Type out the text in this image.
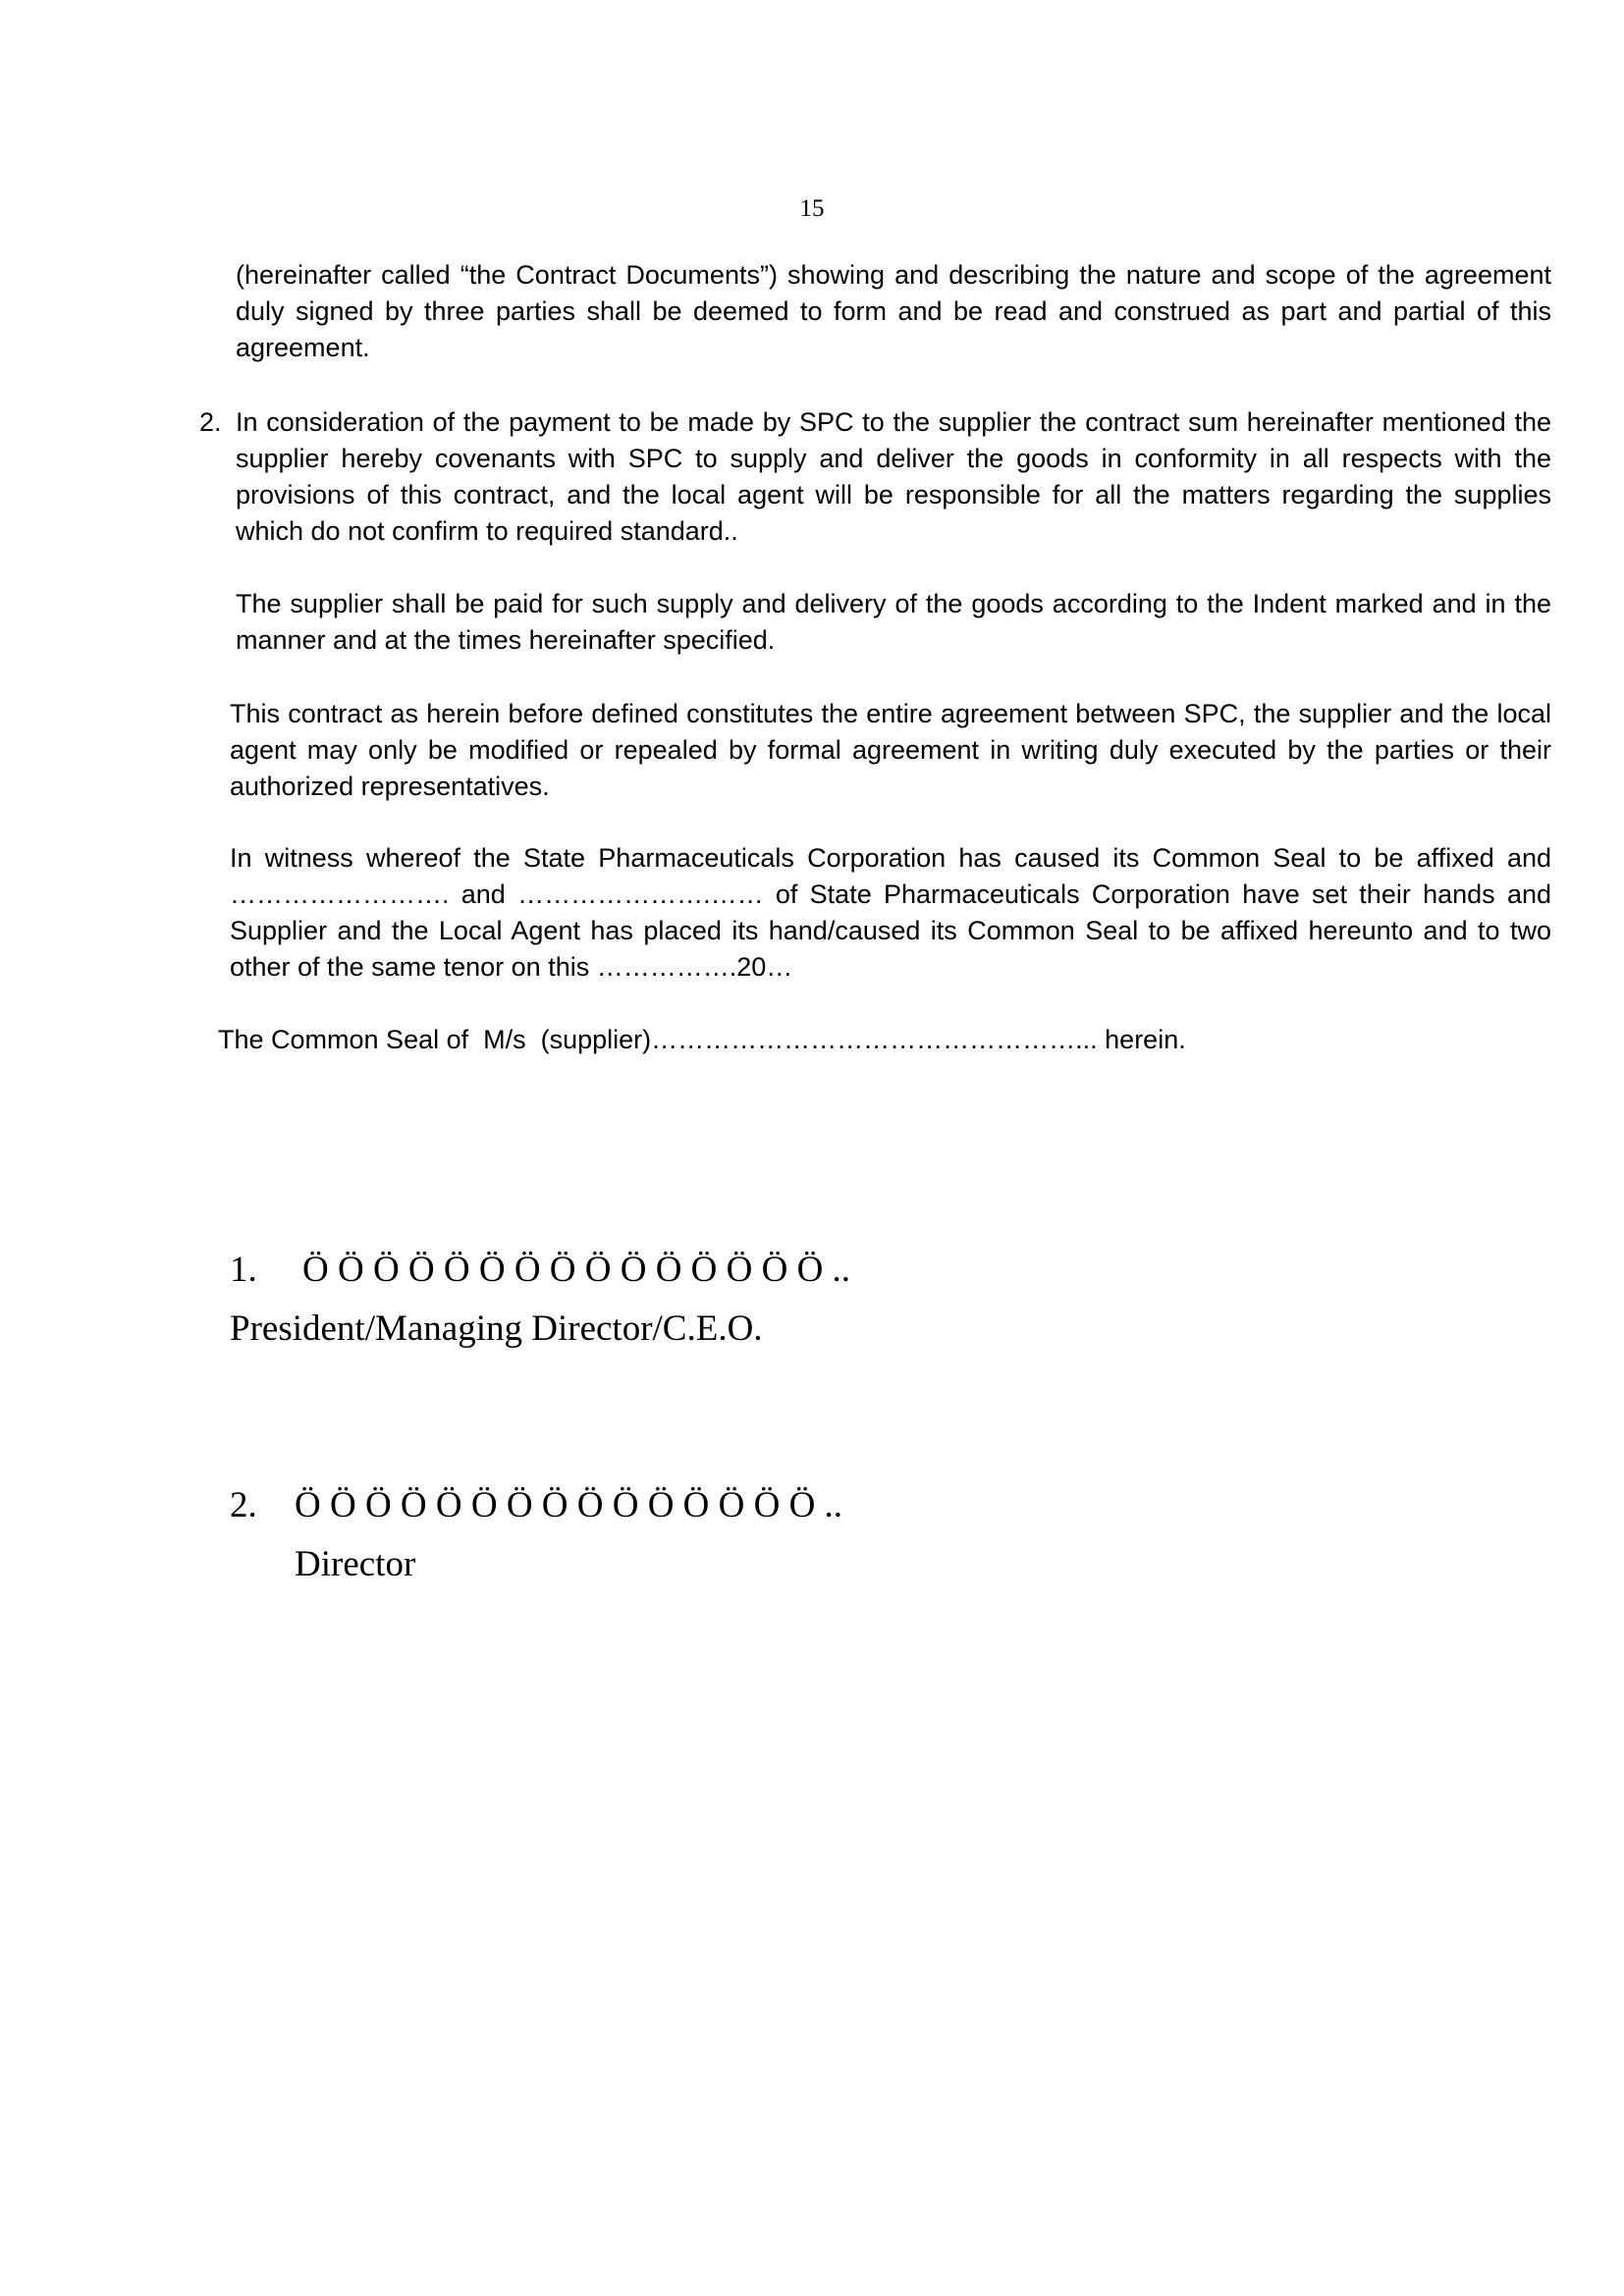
15

(hereinafter called “the Contract Documents”) showing and describing the nature and scope of the agreement duly signed by three parties shall be deemed to form and be read and construed as part and partial of this agreement.

2. In consideration of the payment to be made by SPC to the supplier the contract sum hereinafter mentioned the supplier hereby covenants with SPC to supply and deliver the goods in conformity in all respects with the provisions of this contract, and the local agent will be responsible for all the matters regarding the supplies which do not confirm to required standard..

The supplier shall be paid for such supply and delivery of the goods according to the Indent marked and in the manner and at the times hereinafter specified.

This contract as herein before defined constitutes the entire agreement between SPC, the supplier and the local agent may only be modified or repealed by formal agreement in writing duly executed by the parties or their authorized representatives.

In witness whereof the State Pharmaceuticals Corporation has caused its Common Seal to be affixed and ……………………. and ………………….…… of State Pharmaceuticals Corporation have set their hands and Supplier and the Local Agent has placed its hand/caused its Common Seal to be affixed hereunto and to two other of the same tenor on this …………….20…

The Common Seal of  M/s  (supplier)…………………………………………... herein.

1. Ö Ö Ö Ö Ö Ö Ö Ö Ö Ö Ö Ö Ö Ö Ö ..
President/Managing Director/C.E.O.
2. Ö Ö Ö Ö Ö Ö Ö Ö Ö Ö Ö Ö Ö Ö Ö ..
Director
